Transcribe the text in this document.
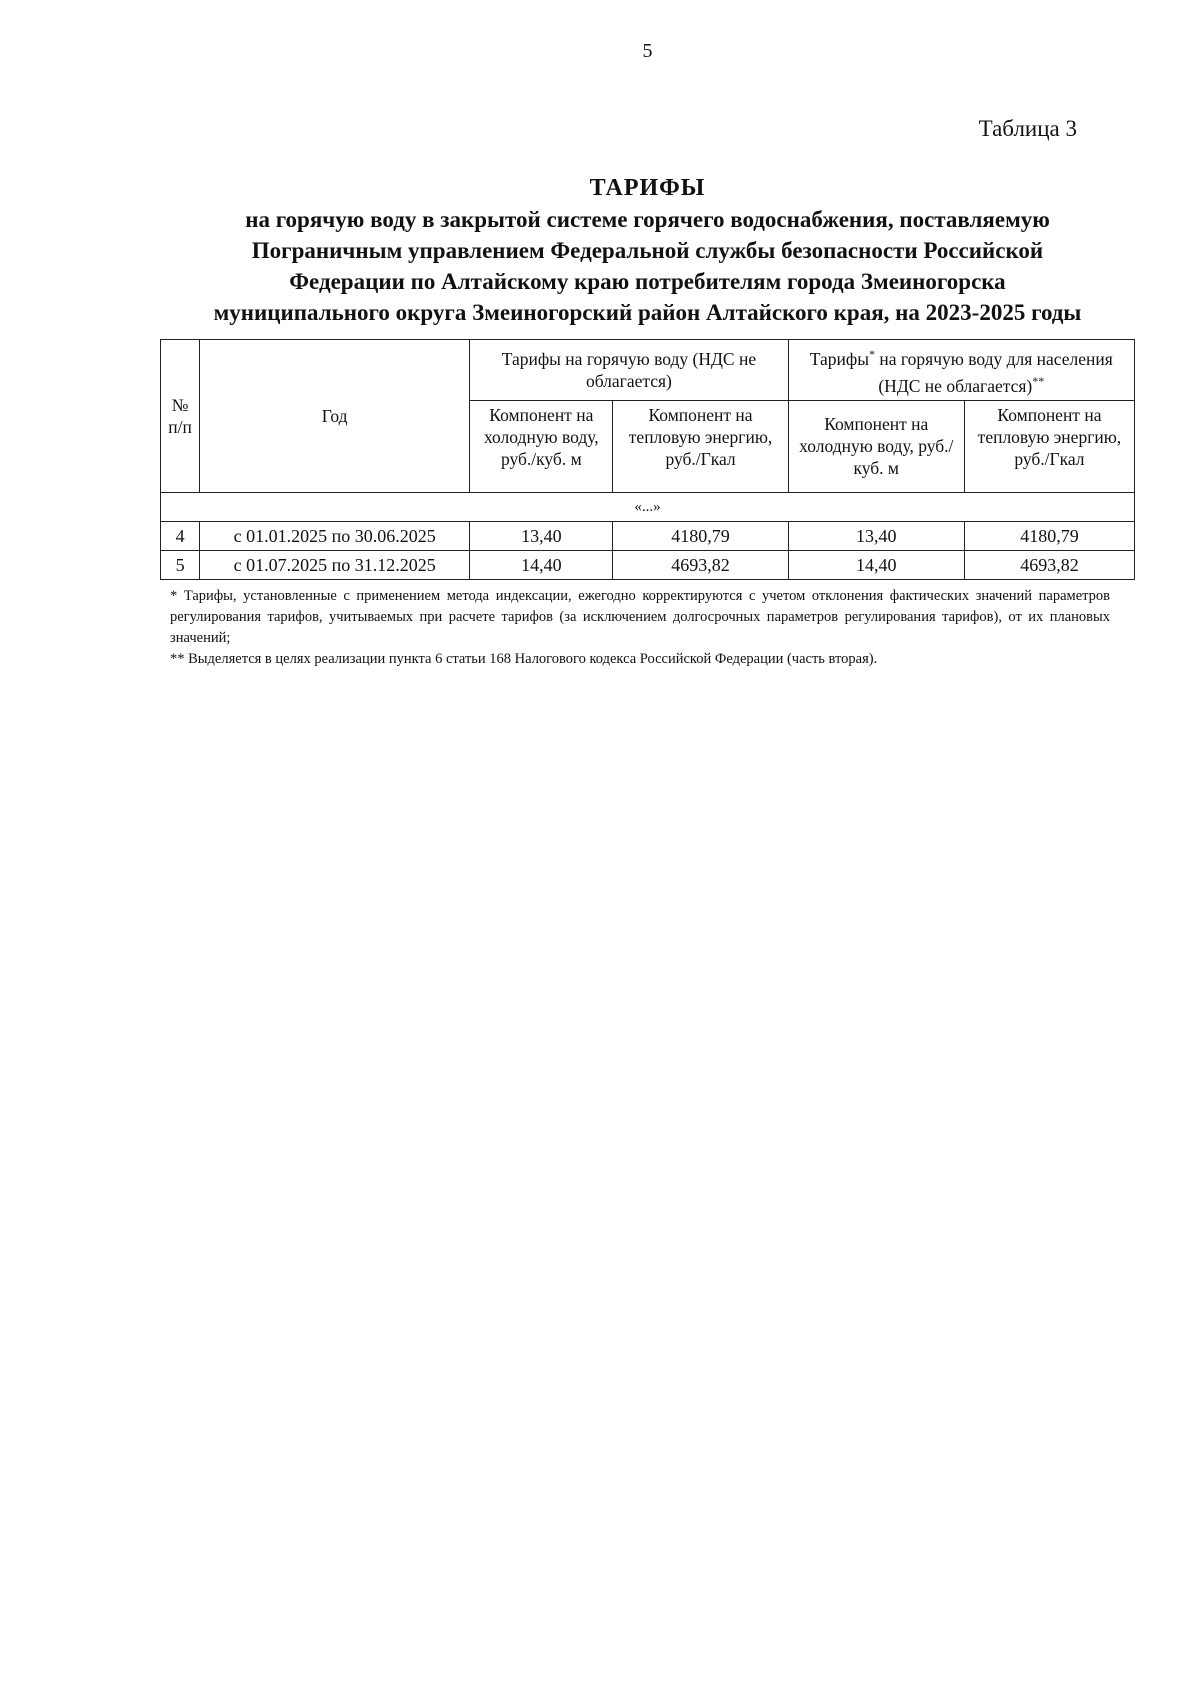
5
Таблица 3
ТАРИФЫ
на горячую воду в закрытой системе горячего водоснабжения, поставляемую
Пограничным управлением Федеральной службы безопасности Российской
Федерации по Алтайскому краю потребителям города Змеиногорска
муниципального округа Змеиногорский район Алтайского края, на 2023-2025 годы
№ п/п	Год	Тарифы на горячую воду (НДС не облагается)		Тарифы* на горячую воду для населения (НДС не облагается)**
		Компонент на холодную воду, руб./куб. м	Компонент на тепловую энергию, руб./Гкал	Компонент на холодную воду, руб./куб. м	Компонент на тепловую энергию, руб./Гкал
«...»					
4	с 01.01.2025 по 30.06.2025	13,40	4180,79	13,40	4180,79
5	с 01.07.2025 по 31.12.2025	14,40	4693,82	14,40	4693,82

* Тарифы, установленные с применением метода индексации, ежегодно корректируются с учетом отклонения фактических значений параметров регулирования тарифов, учитываемых при расчете тарифов (за исключением долгосрочных параметров регулирования тарифов), от их плановых значений;

** Выделяется в целях реализации пункта 6 статьи 168 Налогового кодекса Российской Федерации (часть вторая).
